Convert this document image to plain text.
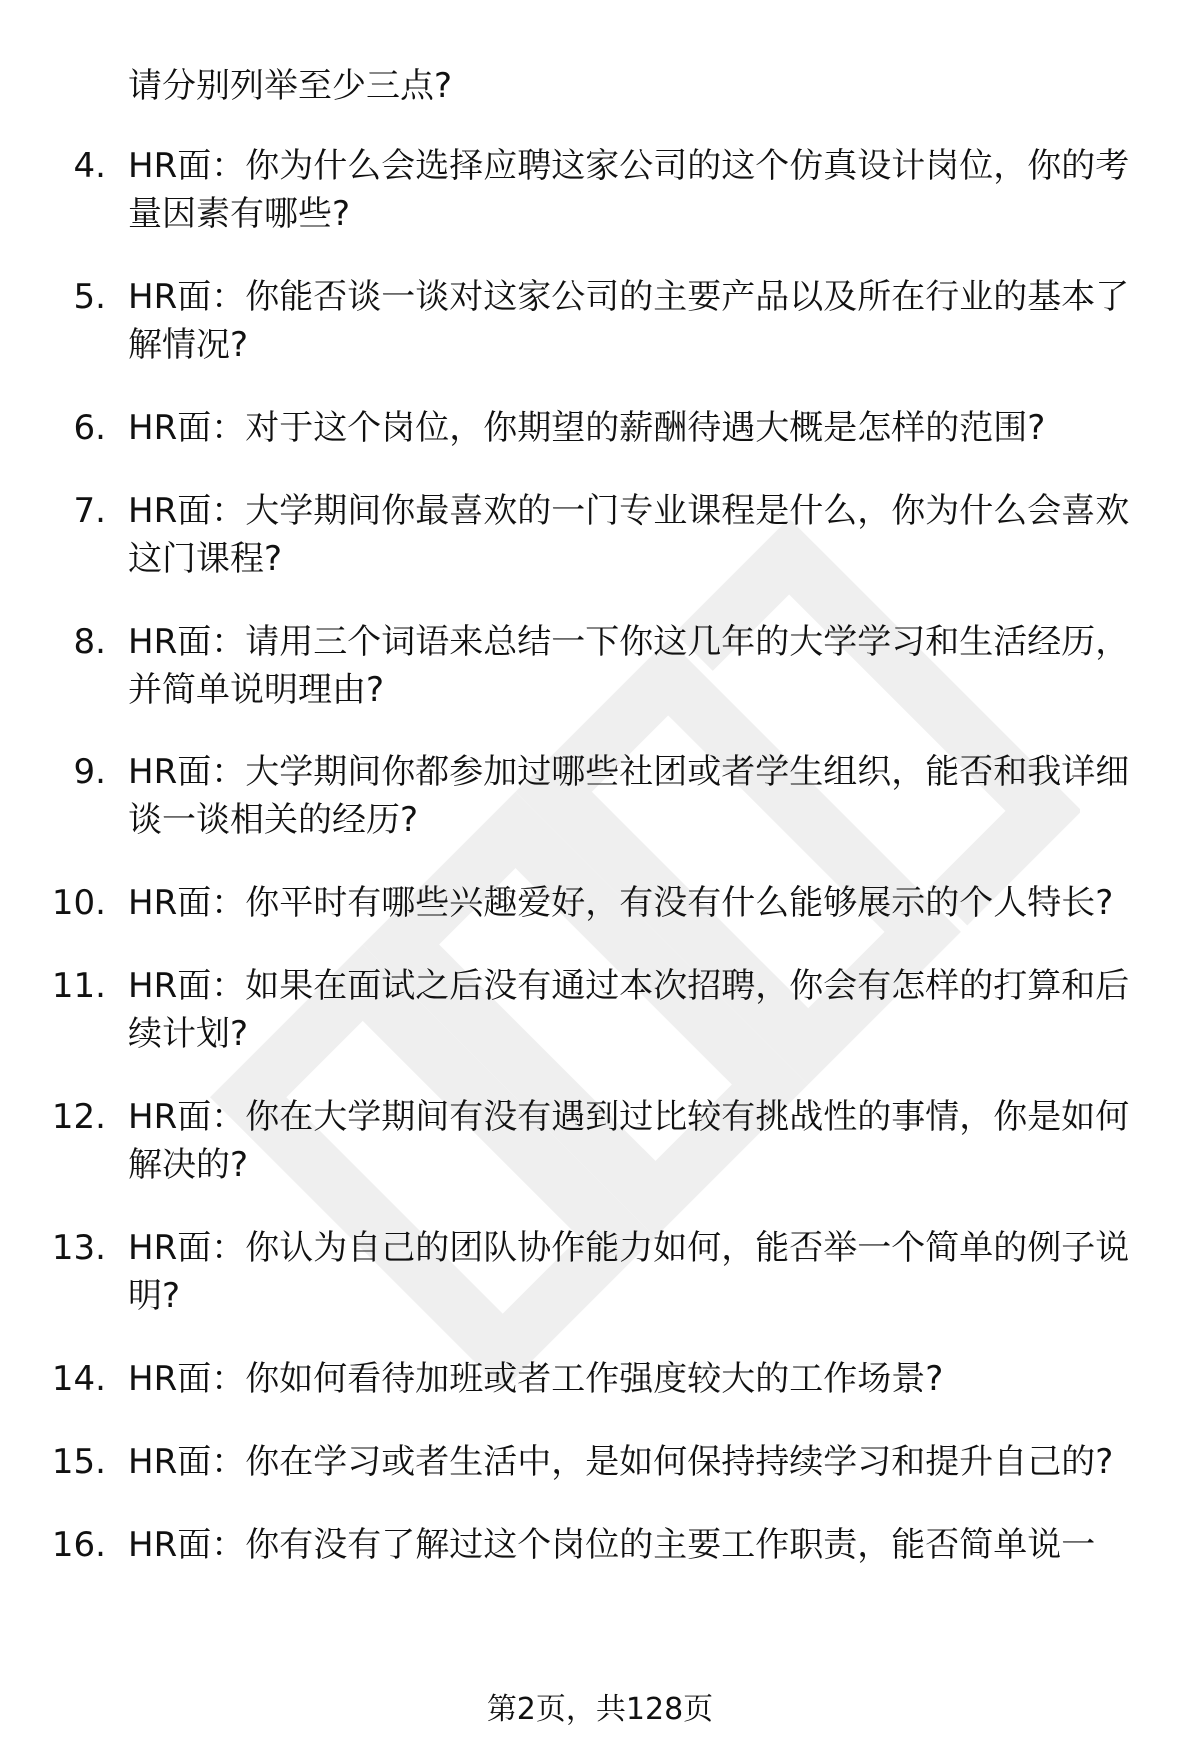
请分别列举至少三点?

4. HR面：你为什么会选择应聘这家公司的这个仿真设计岗位，你的考量因素有哪些?
5. HR面：你能否谈一谈对这家公司的主要产品以及所在行业的基本了解情况?
6. HR面：对于这个岗位，你期望的薪酬待遇大概是怎样的范围?
7. HR面：大学期间你最喜欢的一门专业课程是什么，你为什么会喜欢这门课程?
8. HR面：请用三个词语来总结一下你这几年的大学学习和生活经历，并简单说明理由?
9. HR面：大学期间你都参加过哪些社团或者学生组织，能否和我详细谈一谈相关的经历?
10. HR面：你平时有哪些兴趣爱好，有没有什么能够展示的个人特长?
11. HR面：如果在面试之后没有通过本次招聘，你会有怎样的打算和后续计划?
12. HR面：你在大学期间有没有遇到过比较有挑战性的事情，你是如何解决的?
13. HR面：你认为自己的团队协作能力如何，能否举一个简单的例子说明?
14. HR面：你如何看待加班或者工作强度较大的工作场景?
15. HR面：你在学习或者生活中，是如何保持持续学习和提升自己的?
16. HR面：你有没有了解过这个岗位的主要工作职责，能否简单说一
第2页，共128页
